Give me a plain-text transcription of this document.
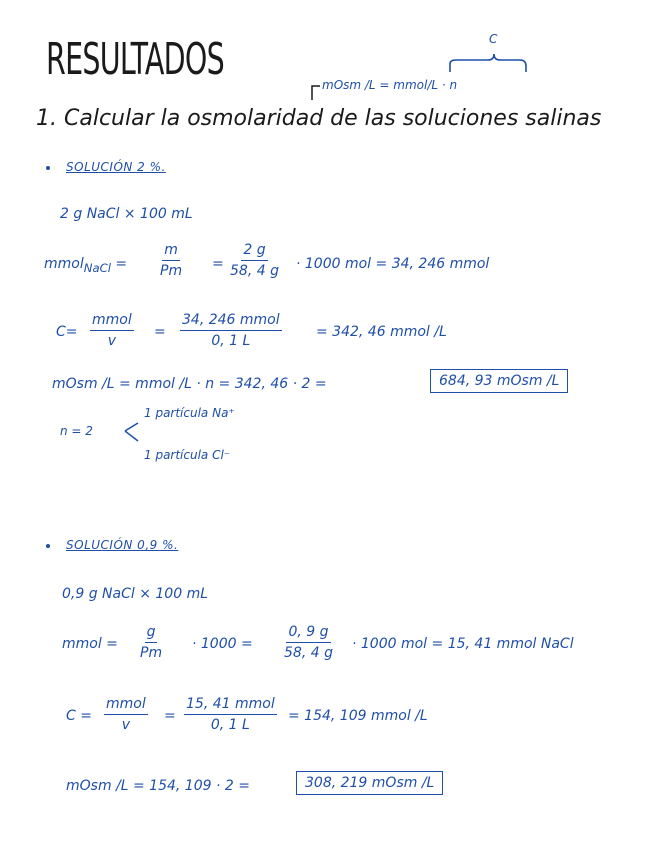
RESULTADOS	mOsm /L = mmol/L · n
C
1. Calcular la osmolaridad de las soluciones salinas
SOLUCIÓN 2 %.
2 g NaCl × 100 mL
mmol$_{NaCl}$ = $\frac{m}{Pm} = \frac{2 g}{58, 4 g} \cdot 1000$ mol = 34, 246 mmol
C=
mmol
v
=
34, 246 mmol
0, 1 L
= 342, 46 mmol /L
mOsm /L = mmol /L · n = 342, 46 · 2 =	684, 93 mOsm /L
n = 2
1 partícula Na⁺
1 partícula Cl⁻
SOLUCIÓN 0,9 %.
0,9 g NaCl × 100 mL
mmol = $\frac{g}{Pm} \cdot 1000 = \frac{0, 9 g}{58, 4 g} \cdot 1000$ mol = 15, 41 mmol NaCl
C =
mmol
v
=
15, 41 mmol
0, 1 L
= 154, 109 mmol /L
mOsm /L = 154, 109 · 2 =	308, 219 mOsm /L
